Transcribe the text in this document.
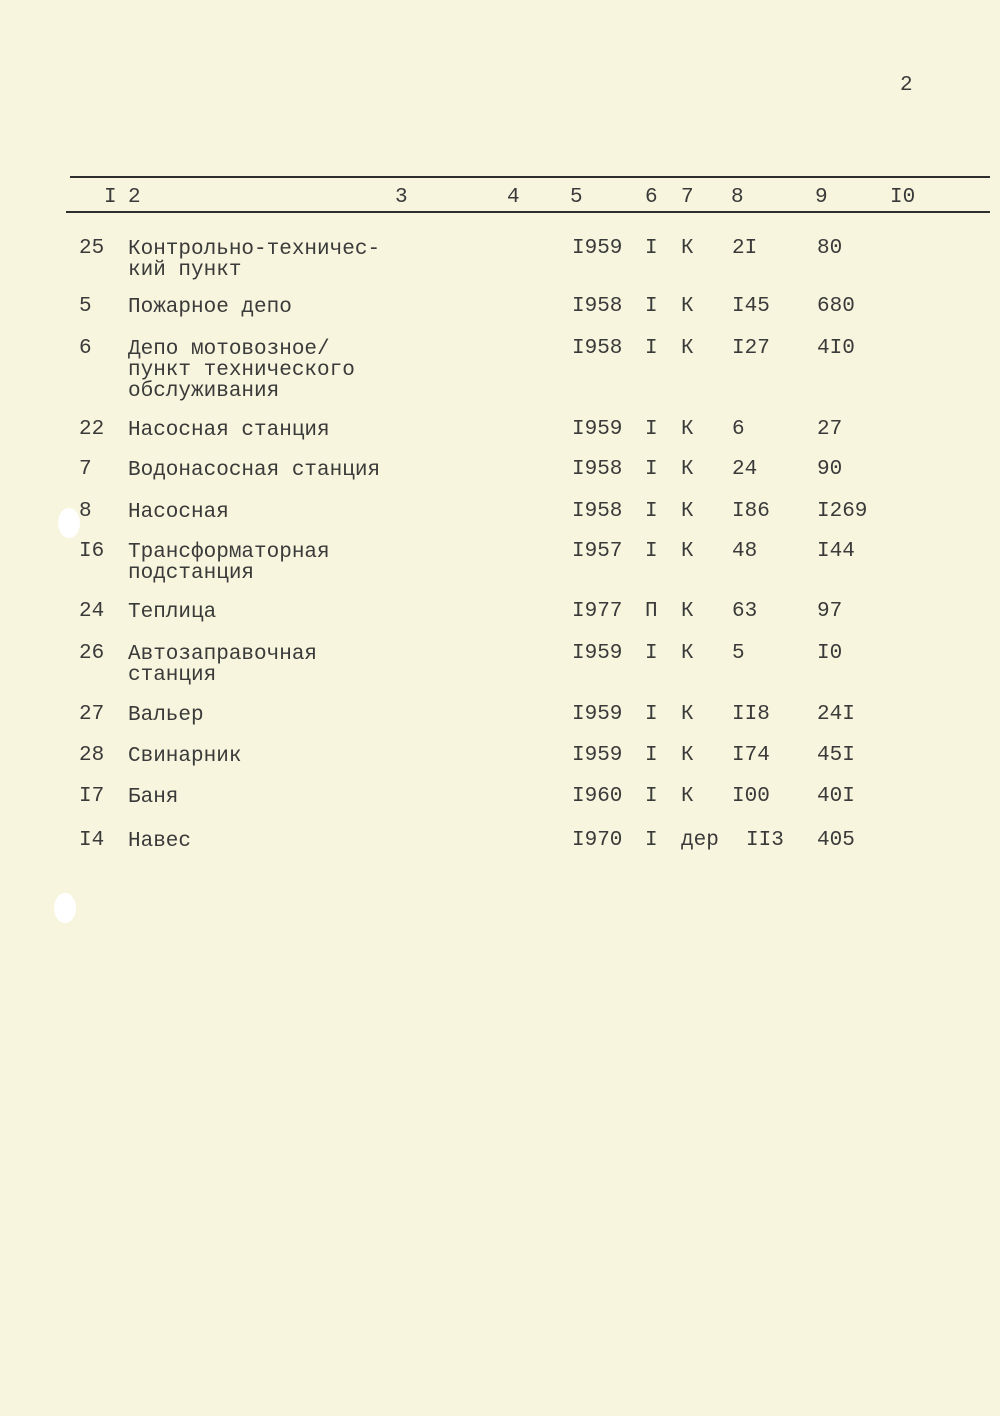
2
I 2	3	4 5	6 7 8	9	I0
25 Контрольно-техничес-
кий пункт
I959 I К 2I	80
5 Пожарное депо	I958 I К I45 680
6 Депо мотовозное/
пункт технического
обслуживания
I958 I К I27 4I0
22 Насосная станция	I959 I К 6	27
7 Водонасосная станция	I958 I К 24	90
8 Насосная	I958 I К I86 I269
I6 Трансформаторная
подстанция
I957 I К 48	I44
24 Теплица	I977 П К 63	97
26 Автозаправочная
станция
I959 I К 5	I0
27 Вальер	I959 I К II8 24I
28 Свинарник	I959 I К I74 45I
I7 Баня	I960 I К I00 40I
I4 Навес	I970 I дер II3 405
